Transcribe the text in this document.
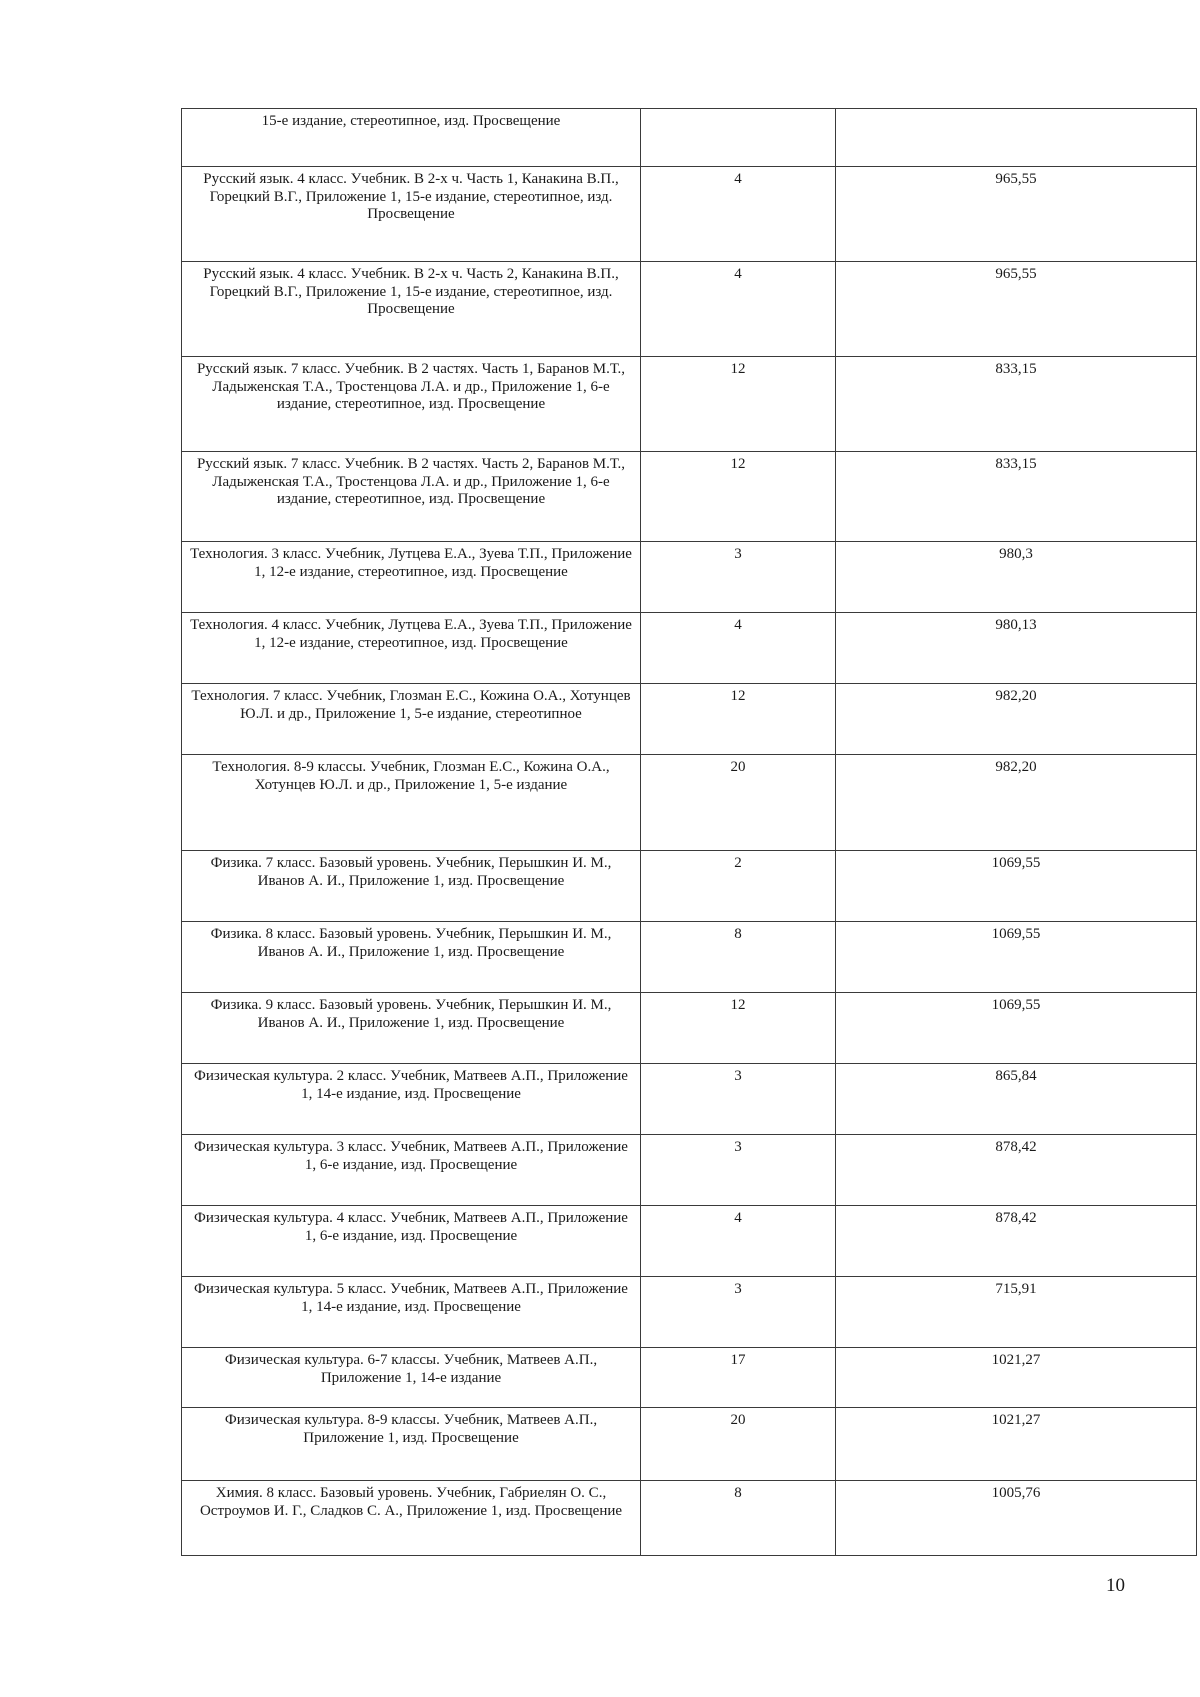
15-е издание, стереотипное, изд. Просвещение		
Русский язык. 4 класс. Учебник. В 2-х ч. Часть 1, Канакина В.П., Горецкий В.Г., Приложение 1, 15-е издание, стереотипное, изд. Просвещение	4	965,55
Русский язык. 4 класс. Учебник. В 2-х ч. Часть 2, Канакина В.П., Горецкий В.Г., Приложение 1, 15-е издание, стереотипное, изд. Просвещение	4	965,55
Русский язык. 7 класс. Учебник. В 2 частях. Часть 1, Баранов М.Т., Ладыженская Т.А., Тростенцова Л.А. и др., Приложение 1, 6-е издание, стереотипное, изд. Просвещение	12	833,15
Русский язык. 7 класс. Учебник. В 2 частях. Часть 2, Баранов М.Т., Ладыженская Т.А., Тростенцова Л.А. и др., Приложение 1, 6-е издание, стереотипное, изд. Просвещение	12	833,15
Технология. 3 класс. Учебник, Лутцева Е.А., Зуева Т.П., Приложение 1, 12-е издание, стереотипное, изд. Просвещение	3	980,3
Технология. 4 класс. Учебник, Лутцева Е.А., Зуева Т.П., Приложение 1, 12-е издание, стереотипное, изд. Просвещение	4	980,13
Технология. 7 класс. Учебник, Глозман Е.С., Кожина О.А., Хотунцев Ю.Л. и др., Приложение 1, 5-е издание, стереотипное	12	982,20
Технология. 8-9 классы. Учебник, Глозман Е.С., Кожина О.А., Хотунцев Ю.Л. и др., Приложение 1, 5-е издание	20	982,20
Физика. 7 класс. Базовый уровень. Учебник, Перышкин И. М., Иванов А. И., Приложение 1, изд. Просвещение	2	1069,55
Физика. 8 класс. Базовый уровень. Учебник, Перышкин И. М., Иванов А. И., Приложение 1, изд. Просвещение	8	1069,55
Физика. 9 класс. Базовый уровень. Учебник, Перышкин И. М., Иванов А. И., Приложение 1, изд. Просвещение	12	1069,55
Физическая культура. 2 класс. Учебник, Матвеев А.П., Приложение 1, 14-е издание, изд. Просвещение	3	865,84
Физическая культура. 3 класс. Учебник, Матвеев А.П., Приложение 1, 6-е издание, изд. Просвещение	3	878,42
Физическая культура. 4 класс. Учебник, Матвеев А.П., Приложение 1, 6-е издание, изд. Просвещение	4	878,42
Физическая культура. 5 класс. Учебник, Матвеев А.П., Приложение 1, 14-е издание, изд. Просвещение	3	715,91
Физическая культура. 6-7 классы. Учебник, Матвеев А.П., Приложение 1, 14-е издание	17	1021,27
Физическая культура. 8-9 классы. Учебник, Матвеев А.П., Приложение 1, изд. Просвещение	20	1021,27
Химия. 8 класс. Базовый уровень. Учебник, Габриелян О. С., Остроумов И. Г., Сладков С. А., Приложение 1, изд. Просвещение	8	1005,76
10
